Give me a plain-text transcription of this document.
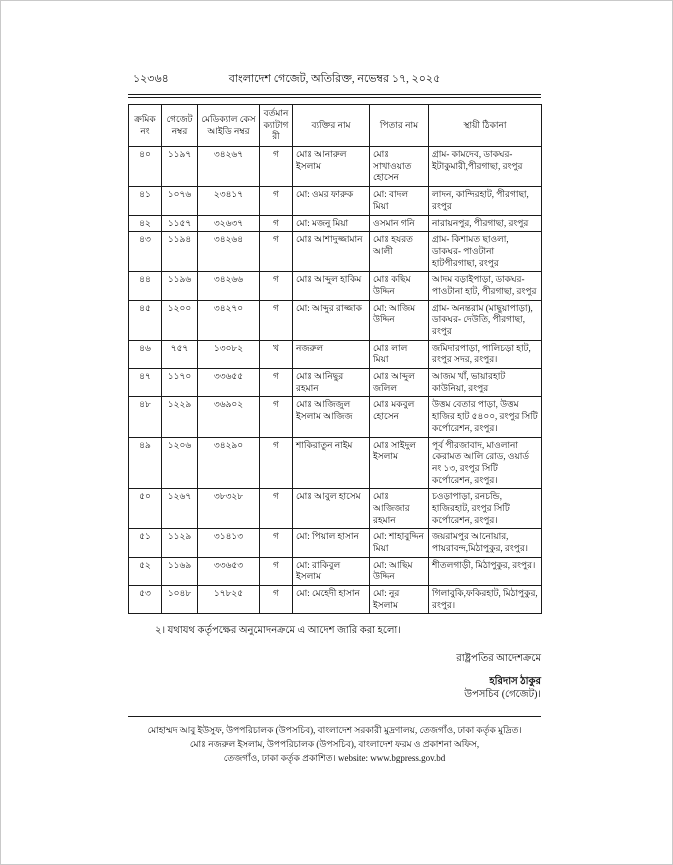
১২৩৬৪	বাংলাদেশ গেজেট, অতিরিক্ত, নভেম্বর ১৭, ২০২৫
ক্রমিক নং	গেজেট নম্বর	মেডিক্যাল কেস আইডি নম্বর	বর্তমান ক্যাটাগরী	ব্যক্তির নাম	পিতার নাম	স্থায়ী ঠিকানা
৪০	১১৯৭	৩৪২৬৭	গ	মোঃ আনারুল ইসলাম	মোঃ সাখাওয়াত হোসেন	গ্রাম- কামদেব, ডাকঘর- ইটাকুমারী,পীরগাছা, রংপুর
৪১	১০৭৬	২৩৪১৭	গ	মো: ওমর ফারুক	মো: বাদল মিয়া	লাদন, কান্দিরহাট, পীরগাছা, রংপুর
৪২	১১৫৭	৩২৬৩৭	গ	মো: মজনু মিয়া	ওসমান গনি	নারায়নপুর, পীরগাছা, রংপুর
৪৩	১১৯৪	৩৪২৬৪	গ	মোঃ আশাদুজ্জামান	মোঃ হযরত আলী	গ্রাম- কিশামত ছাওলা, ডাকঘর- পাওটানা হাটপীরগাছা, রংপুর
৪৪	১১৯৬	৩৪২৬৬	গ	মোঃ আব্দুল হাকিম	মোঃ কছিম উদ্দিন	আদম বড়াইপাড়া, ডাকঘর- পাওটানা হাট, পীরগাছা, রংপুর
৪৫	১২০০	৩৪২৭০	গ	মো: আব্দুর রাজ্জাক	মো: আজিম উদ্দিন	গ্রাম- অনন্তরাম (মাছুয়াপাড়া), ডাকঘর- দেউতি, পীরগাছা, রংপুর
৪৬	৭৫৭	১৩০৮২	খ	নজরুল	মোঃ লাল মিয়া	জমিদারপাড়া, পালিচড়া হাট, রংপুর সদর, রংপুর।
৪৭	১১৭০	৩৩৬৫৫	গ	মোঃ আনিছুর রহমান	মোঃ আব্দুল জলিল	আজম খাঁ, ভায়ারহাট কাউনিয়া, রংপুর
৪৮	১২২৯	৩৬৯০২	গ	মোঃ আজিজুল ইসলাম আজিজ	মোঃ মকবুল হোসেন	উত্তম বেতার পাড়া, উত্তম হাজির হাট ৫৪০০, রংপুর সিটি কর্পোরেশন, রংপুর।
৪৯	১২০৬	৩৪২৯০	গ	শাকিরাতুন নাইম	মোঃ সাইদুল ইসলাম	পূর্ব পীরজাবাদ, মাওলানা কেরামত আলি রোড, ওয়ার্ড নং ১৩, রংপুর সিটি কর্পোরেশন, রংপুর।
৫০	১২৬৭	৩৮৩২৮	গ	মোঃ আবুল হাসেম	মোঃ আজিজার রহমান	চওড়াপাড়া, রনচন্ডি, হাজিরহাট, রংপুর সিটি কর্পোরেশন, রংপুর।
৫১	১১২৯	৩১৪১৩	গ	মো: পিয়াল হাসান	মো: শাহাবুদ্দিন মিয়া	জয়রামপুর আনোয়ার, পায়রাবন্দ,মিঠাপুকুর, রংপুর।
৫২	১১৬৯	৩৩৬৫৩	গ	মো: রাকিবুল ইসলাম	মো: আছিম উদ্দিন	শীতলগাড়ী, মিঠাপুকুর, রংপুর।
৫৩	১০৪৮	১৭৮২৫	গ	মো: মেহেদী হাসান	মো: নুর ইসলাম	গিলাবুকি,ফকিরহাট, মিঠাপুকুর, রংপুর।

২। যথাযথ কর্তৃপক্ষের অনুমোদনক্রমে এ আদেশ জারি করা হলো।

রাষ্ট্রপতির আদেশক্রমে
হরিদাস ঠাকুর
উপসচিব (গেজেট)।
মোহাম্মদ আবু ইউসুফ, উপপরিচালক (উপসচিব), বাংলাদেশ সরকারী মুদ্রণালয়, তেজগাঁও, ঢাকা কর্তৃক মুদ্রিত।
মোঃ নজরুল ইসলাম, উপপরিচালক (উপসচিব), বাংলাদেশ ফরম ও প্রকাশনা অফিস,
তেজগাঁও, ঢাকা কর্তৃক প্রকাশিত। website: www.bgpress.gov.bd
